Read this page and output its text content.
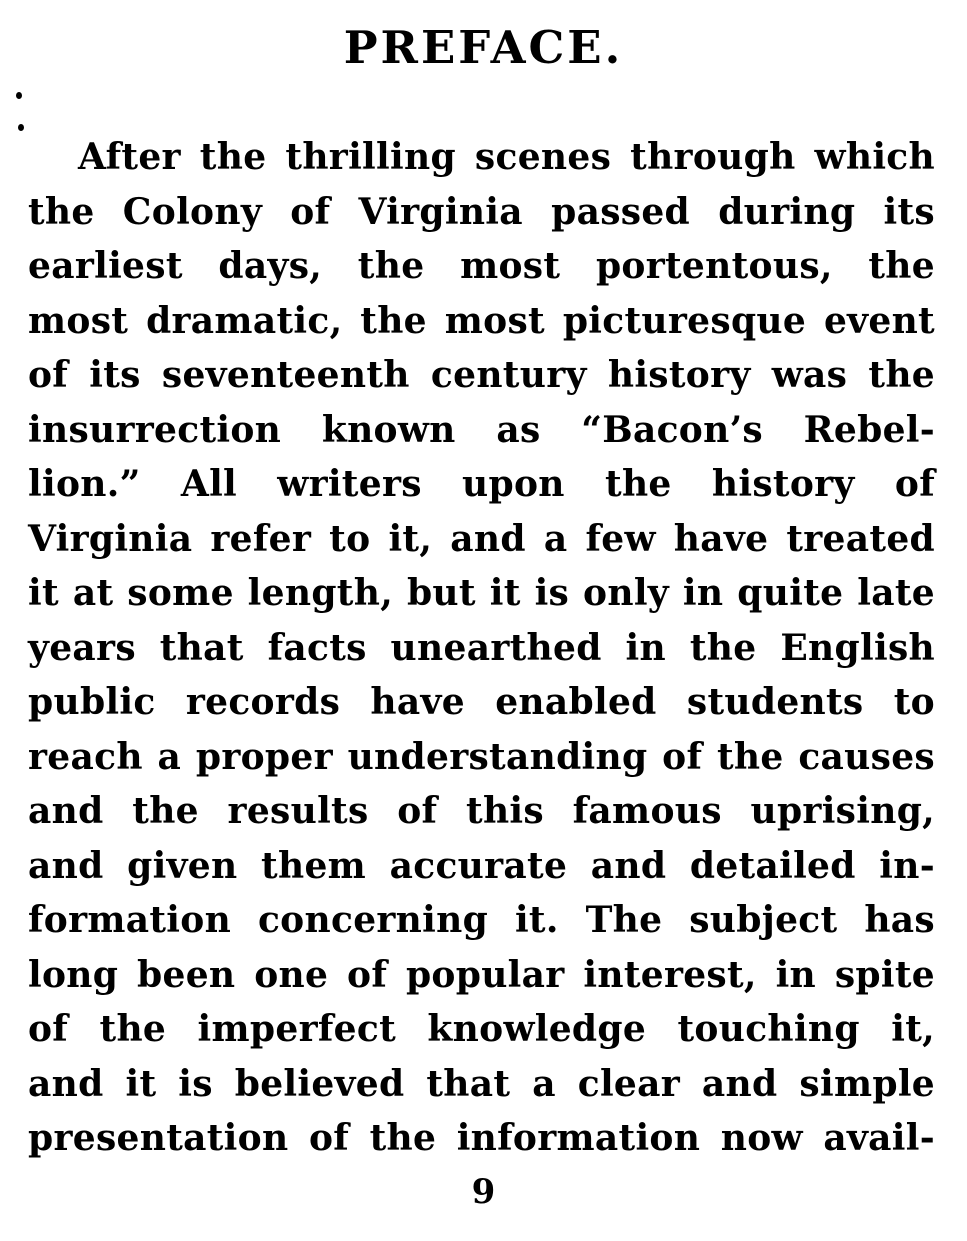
PREFACE.
After the thrilling scenes through which
the Colony of Virginia passed during its
earliest days, the most portentous, the
most dramatic, the most picturesque event
of its seventeenth century history was the
insurrection known as “Bacon’s Rebel-
lion.” All writers upon the history of
Virginia refer to it, and a few have treated
it at some length, but it is only in quite late
years that facts unearthed in the English
public records have enabled students to
reach a proper understanding of the causes
and the results of this famous uprising,
and given them accurate and detailed in-
formation concerning it. The subject has
long been one of popular interest, in spite
of the imperfect knowledge touching it,
and it is believed that a clear and simple
presentation of the information now avail-
9
